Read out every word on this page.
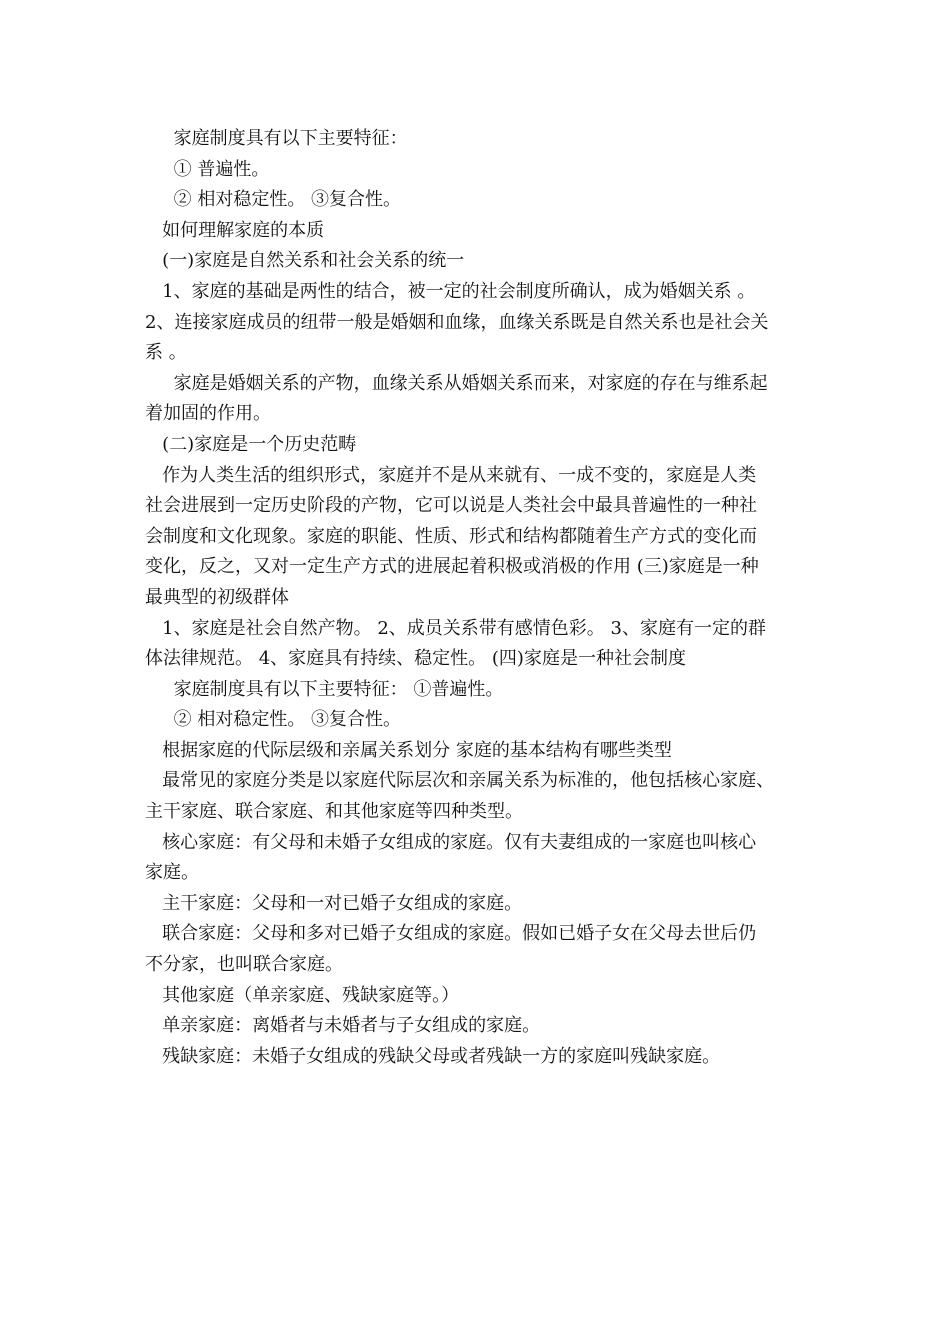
家庭制度具有以下主要特征：
① 普遍性。
② 相对稳定性。 ③复合性。
如何理解家庭的本质
(一)家庭是自然关系和社会关系的统一
1、家庭的基础是两性的结合，被一定的社会制度所确认，成为婚姻关系 。
2、连接家庭成员的纽带一般是婚姻和血缘，血缘关系既是自然关系也是社会关
系 。
家庭是婚姻关系的产物，血缘关系从婚姻关系而来，对家庭的存在与维系起
着加固的作用。
(二)家庭是一个历史范畴
作为人类生活的组织形式，家庭并不是从来就有、一成不变的，家庭是人类
社会进展到一定历史阶段的产物，它可以说是人类社会中最具普遍性的一种社
会制度和文化现象。家庭的职能、性质、形式和结构都随着生产方式的变化而
变化，反之，又对一定生产方式的进展起着积极或消极的作用 (三)家庭是一种
最典型的初级群体
1、家庭是社会自然产物。 2、成员关系带有感情色彩。 3、家庭有一定的群
体法律规范。 4、家庭具有持续、稳定性。 (四)家庭是一种社会制度
家庭制度具有以下主要特征： ①普遍性。
② 相对稳定性。 ③复合性。
根据家庭的代际层级和亲属关系划分 家庭的基本结构有哪些类型
最常见的家庭分类是以家庭代际层次和亲属关系为标准的，他包括核心家庭、
主干家庭、联合家庭、和其他家庭等四种类型。
核心家庭：有父母和未婚子女组成的家庭。仅有夫妻组成的一家庭也叫核心
家庭。
主干家庭：父母和一对已婚子女组成的家庭。
联合家庭：父母和多对已婚子女组成的家庭。假如已婚子女在父母去世后仍
不分家，也叫联合家庭。
其他家庭（单亲家庭、残缺家庭等。）
单亲家庭：离婚者与未婚者与子女组成的家庭。
残缺家庭：未婚子女组成的残缺父母或者残缺一方的家庭叫残缺家庭。
